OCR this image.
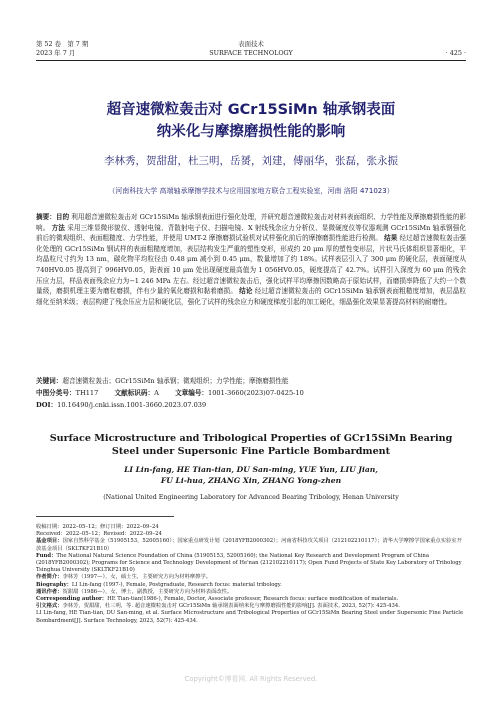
第 52 卷　第 7 期
2023 年 7 月
表面技术
SURFACE TECHNOLOGY	· 425 ·
超音速微粒轰击对 GCr15SiMn 轴承钢表面
纳米化与摩擦磨损性能的影响
李林秀，贺甜甜，杜三明，岳赟，刘建，傅丽华，张磊，张永振
（河南科技大学 高端轴承摩擦学技术与应用国家地方联合工程实验室，河南 洛阳 471023）
摘要：目的 利用超音速微粒轰击对 GCr15SiMn 轴承钢表面进行强化处理，并研究超音速微粒轰击对材料表面组织、力学性能及摩擦磨损性能的影响。 方法 采用三维显微形貌仪、透射电镜、背散射电子仪、扫描电镜、X 射线残余应力分析仪、显微硬度仪等仪器观测 GCr15SiMn 轴承钢强化前后的微观组织、表面粗糙度、力学性能，并使用 UMT-2 摩擦磨损试验机对试样强化前后的摩擦磨损性能进行检测。 结果 经过超音速微粒轰击强化处理的 GCr15SiMn 钢试样的表面粗糙度增加，表层结构发生严重的塑性变形，形成约 20 μm 厚的塑性变形层，片状马氏体组织显著细化，平均晶粒尺寸约为 13 nm，碳化物平均粒径由 0.48 μm 减小到 0.45 μm，数量增加了约 18%。试样表层引入了 300 μm 的硬化层，表面硬度从 740HV0.05 提高到了 996HV0.05，距表面 10 μm 处出现硬度最高值为 1 056HV0.05，硬度提高了 42.7%。试样引入深度为 60 μm 的残余压应力层，样品表面残余应力为−1 246 MPa 左右。经过超音速微粒轰击后，强化试样平均摩擦因数略高于原始试样，而磨损率降低了大约一个数量级，磨损机理主要为磨粒磨损，伴有少量的氧化磨损和黏着磨损。 结论 经过超音速微粒轰击的 GCr15SiMn 轴承钢表面粗糙度增加，表层晶粒细化至纳米级；表层构建了残余压应力层和硬化层，强化了试样的残余应力和硬度梯度引起的加工硬化，细晶强化效果显著提高材料的耐磨性。
关键词：超音速微粒轰击；GCr15SiMn 轴承钢；微观组织；力学性能；摩擦磨损性能
中图分类号：TH117 文献标识码：A 文章编号：1001-3660(2023)07-0425-10
DOI：10.16490/j.cnki.issn.1001-3660.2023.07.039
Surface Microstructure and Tribological Properties of GCr15SiMn Bearing Steel under Supersonic Fine Particle Bombardment
LI Lin-fang, HE Tian-tian, DU San-ming, YUE Yun, LIU Jian,
FU Li-hua, ZHANG Xin, ZHANG Yong-zhen
(National United Engineering Laboratory for Advanced Bearing Tribology, Henan University

收稿日期：2022–05–12；修订日期：2022–09–24

Received：2022–05–12；Revised：2022–09–24

基金项目：国家自然科学基金（51905153，52005160）；国家重点研发计划（2018YFB2000302）；河南省科技攻关项目（212102210117）；清华大学摩擦学国家重点实验室开放基金项目（SKLTKF21B10）

Fund：The National Natural Science Foundation of China (51905153, 52005160); the National Key Research and Development Program of China (2018YFB2000302); Programs for Science and Technology Development of He'nan (212102210117); Open Fund Projects of State Key Laboratory of Tribology Tsinghua University (SKLTKF21B10)

作者简介：李林芳（1997—），女，硕士生，主要研究方向为材料摩擦学。

Biography：LI Lin-fang (1997-), Female, Postgraduate, Research focus: material tribology.

通讯作者：贺甜甜（1986—），女，博士，副教授，主要研究方向为材料表面改性。

Corresponding author：HE Tian-tian(1986-), Female, Doctor, Associate professor, Research focus: surface modification of materials.

引文格式：李林芳，贺甜甜，杜三明，等. 超音速微粒轰击对 GCr15SiMn 轴承钢表面纳米化与摩擦磨损性能的影响[J]. 表面技术, 2023, 52(7): 425-434.

LI Lin-fang, HE Tian-tian, DU San-ming, et al. Surface Microstructure and Tribological Properties of GCr15SiMn Bearing Steel under Supersonic Fine Particle Bombardment[J]. Surface Technology, 2023, 52(7): 425-434.

Copyright©博看网. All Rights Reserved.
